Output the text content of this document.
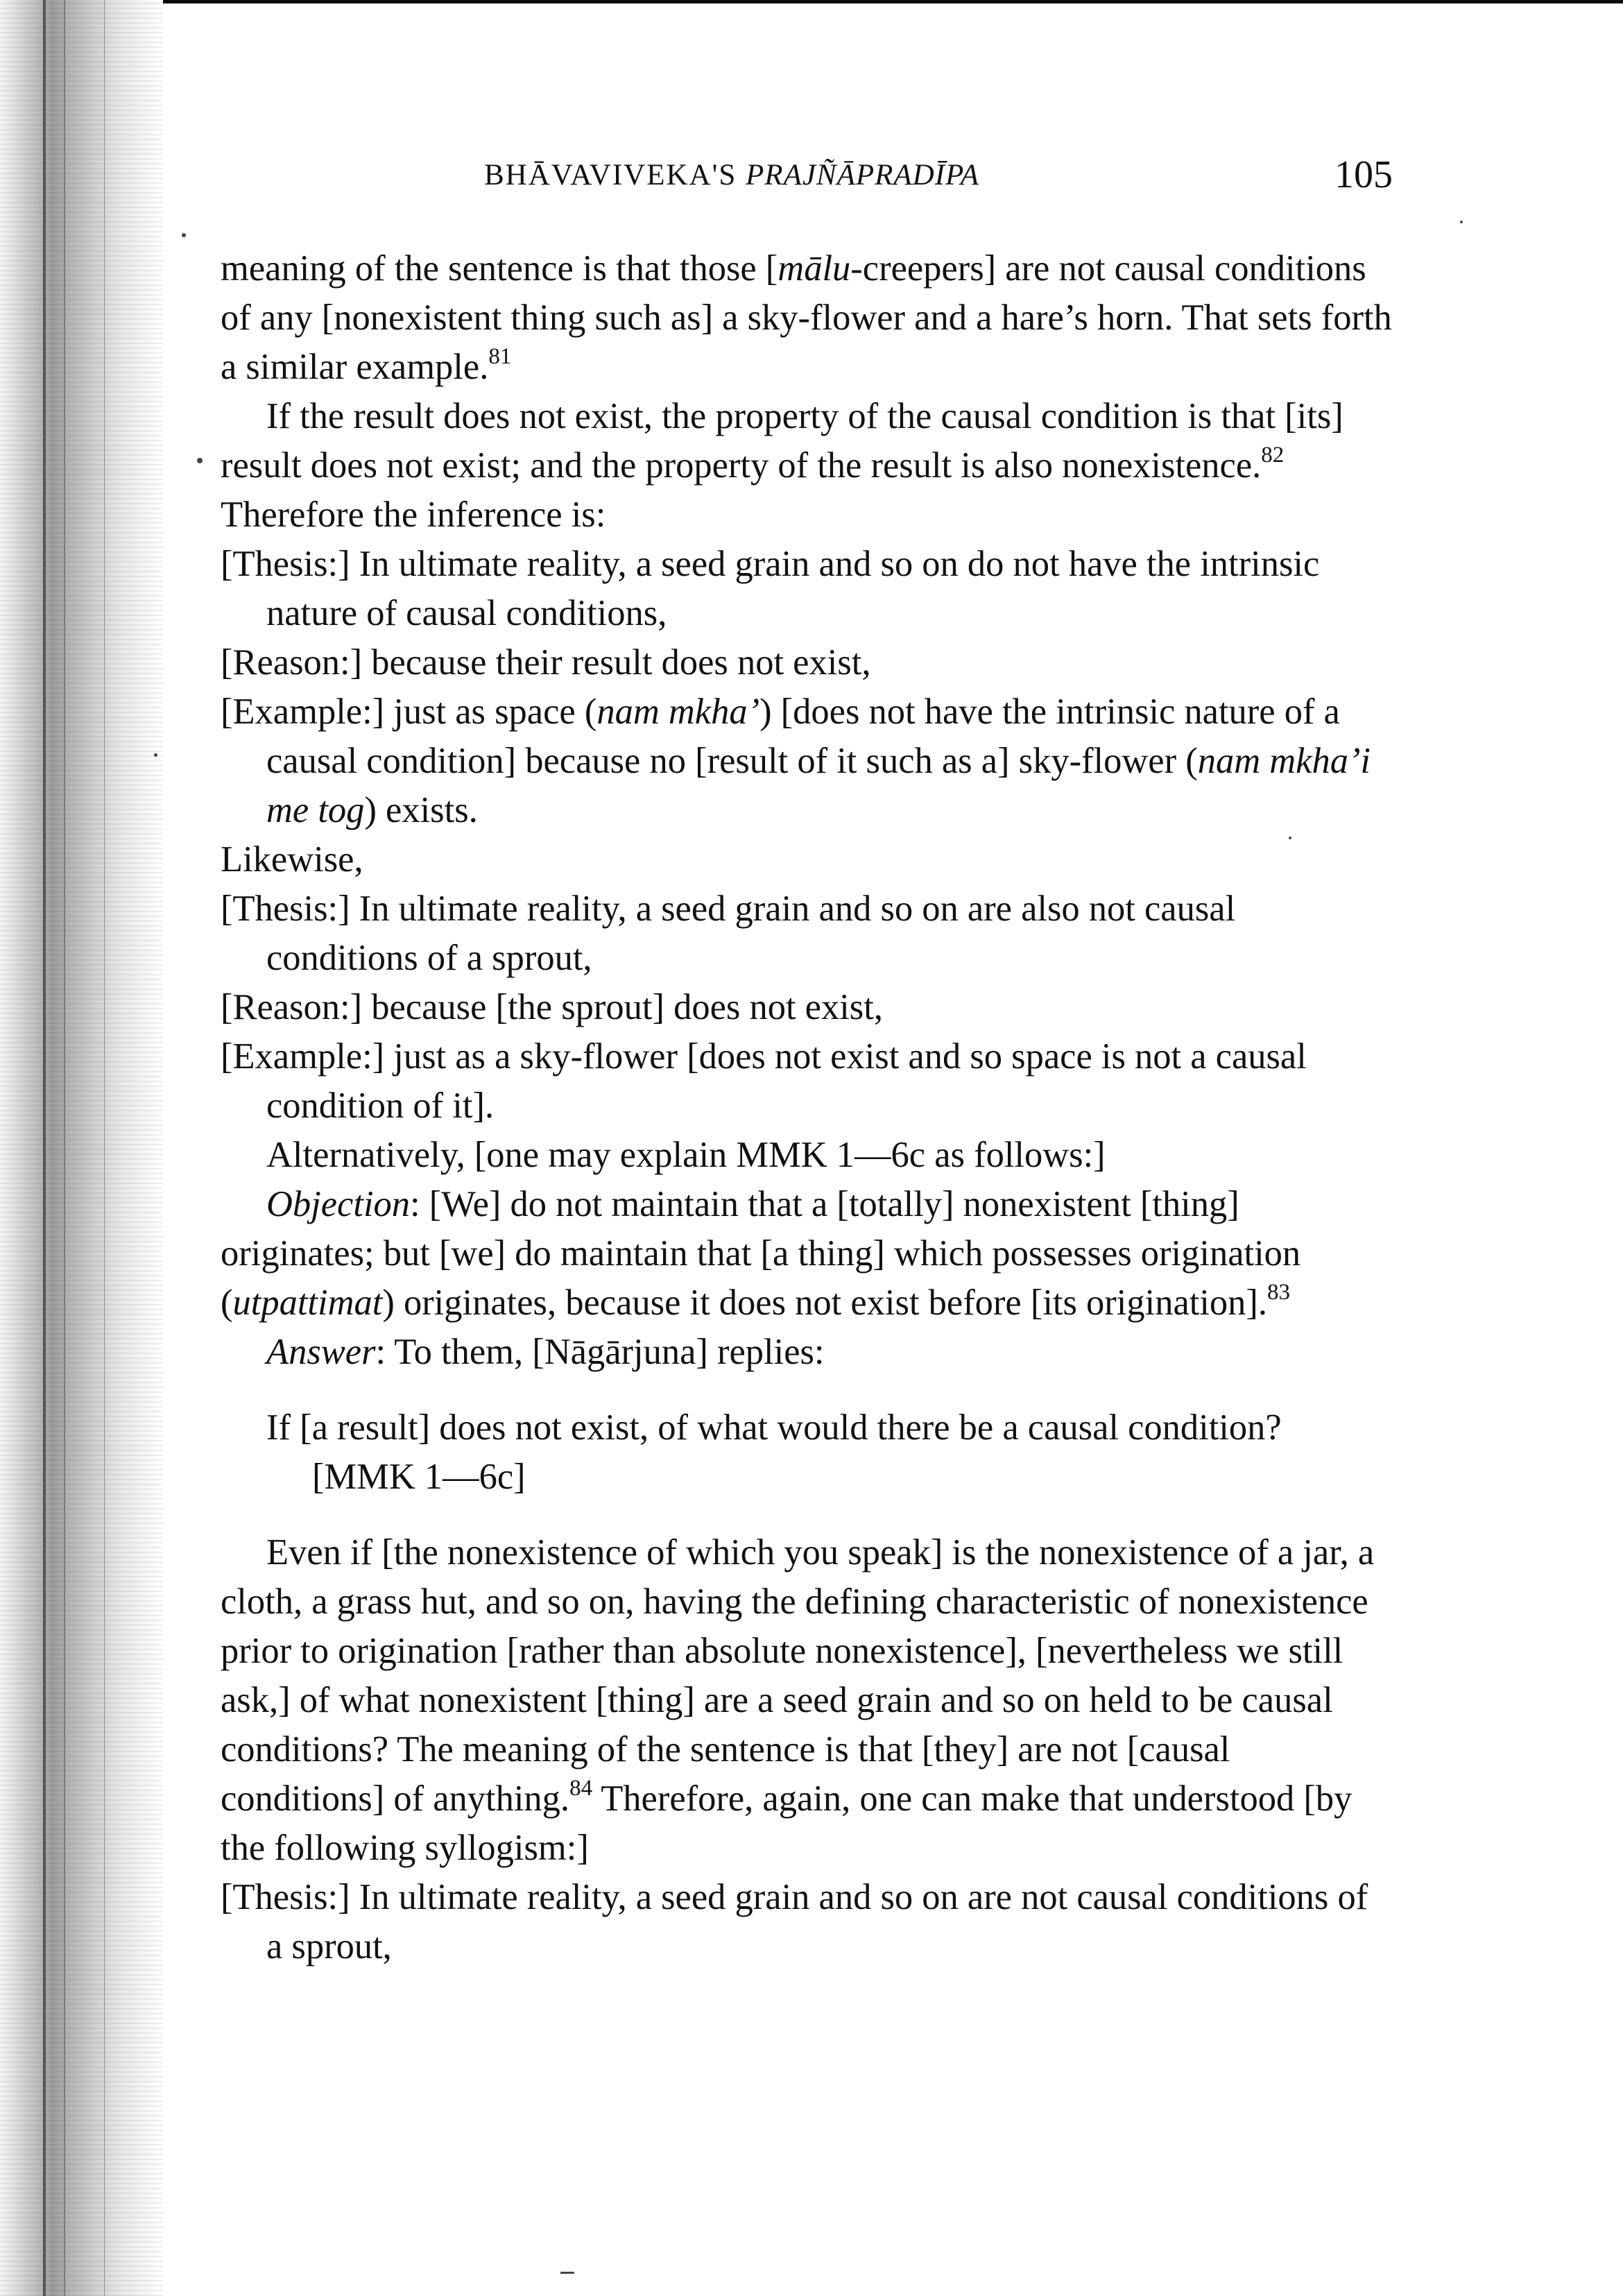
BHĀVAVIVEKA'S PRAJÑĀPRADĪPA	105

meaning of the sentence is that those [mālu-creepers] are not causal conditions of any [nonexistent thing such as] a sky-flower and a hare’s horn. That sets forth a similar example.$^{81}$

If the result does not exist, the property of the causal condition is that [its] result does not exist; and the property of the result is also nonexistence.$^{82}$ Therefore the inference is:

[Thesis:] In ultimate reality, a seed grain and so on do not have the intrinsic nature of causal conditions,

[Reason:] because their result does not exist,

[Example:] just as space (nam mkha’) [does not have the intrinsic nature of a causal condition] because no [result of it such as a] sky-flower (nam mkha’i me tog) exists.

Likewise,

[Thesis:] In ultimate reality, a seed grain and so on are also not causal conditions of a sprout,

[Reason:] because [the sprout] does not exist,

[Example:] just as a sky-flower [does not exist and so space is not a causal condition of it].

Alternatively, [one may explain MMK 1—6c as follows:]

Objection: [We] do not maintain that a [totally] nonexistent [thing] originates; but [we] do maintain that [a thing] which possesses origination (utpattimat) originates, because it does not exist before [its origination].$^{83}$

Answer: To them, [Nāgārjuna] replies:

If [a result] does not exist, of what would there be a causal condition? [MMK 1—6c]

Even if [the nonexistence of which you speak] is the nonexistence of a jar, a cloth, a grass hut, and so on, having the defining characteristic of nonexistence prior to origination [rather than absolute nonexistence], [nevertheless we still ask,] of what nonexistent [thing] are a seed grain and so on held to be causal conditions? The meaning of the sentence is that [they] are not [causal conditions] of anything.$^{84}$ Therefore, again, one can make that understood [by the following syllogism:]

[Thesis:] In ultimate reality, a seed grain and so on are not causal conditions of a sprout,
